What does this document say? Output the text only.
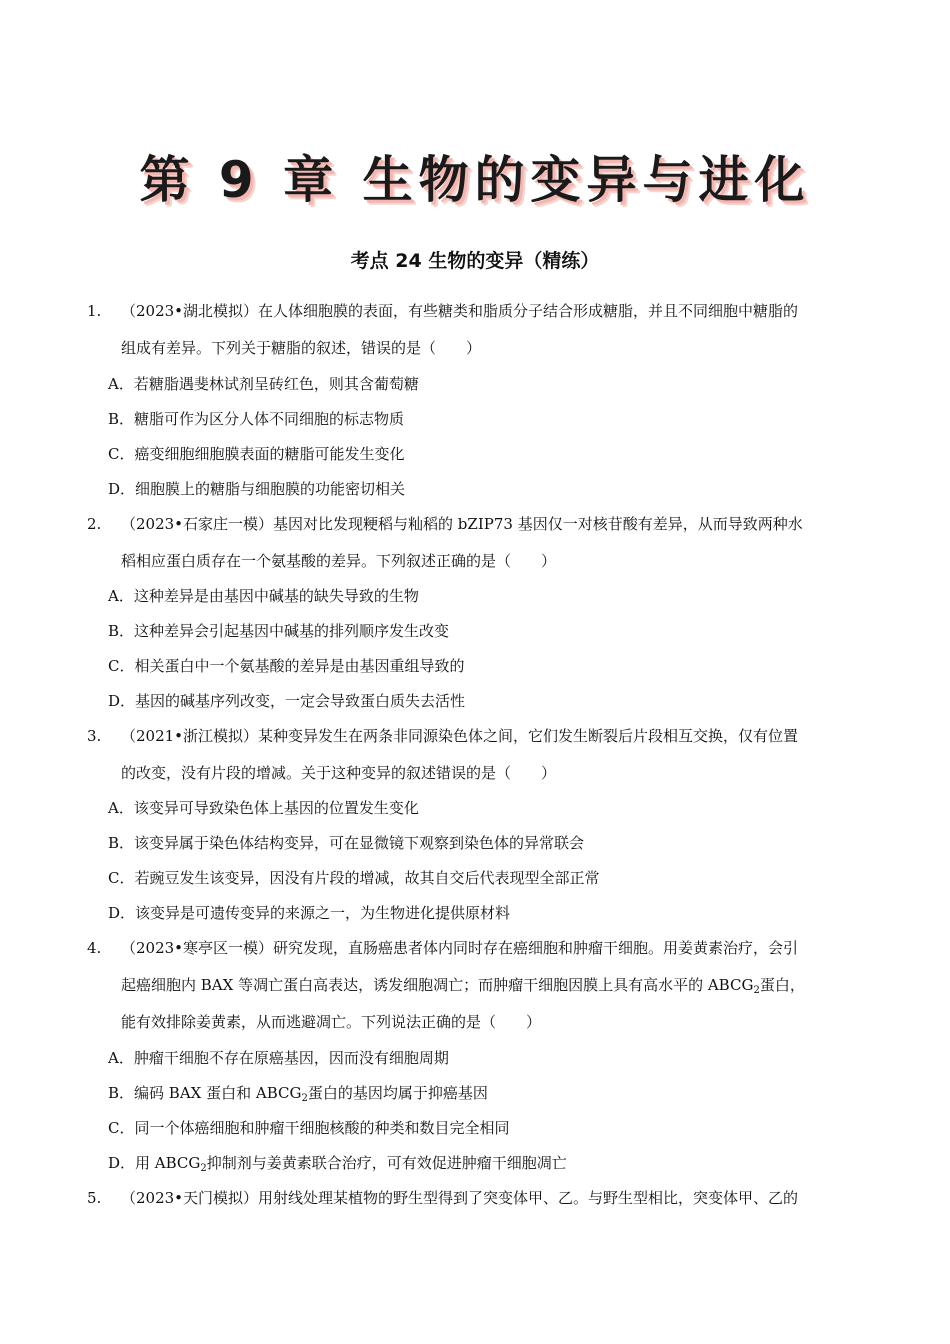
第 9 章 生物的变异与进化
考点 24 生物的变异（精练）
1. （2023•湖北模拟）在人体细胞膜的表面，有些糖类和脂质分子结合形成糖脂，并且不同细胞中糖脂的
组成有差异。下列关于糖脂的叙述，错误的是（　　）
A．若糖脂遇斐林试剂呈砖红色，则其含葡萄糖
B．糖脂可作为区分人体不同细胞的标志物质
C．癌变细胞细胞膜表面的糖脂可能发生变化
D．细胞膜上的糖脂与细胞膜的功能密切相关
2. （2023•石家庄一模）基因对比发现粳稻与籼稻的 bZIP73 基因仅一对核苷酸有差异，从而导致两种水
稻相应蛋白质存在一个氨基酸的差异。下列叙述正确的是（　　）
A．这种差异是由基因中碱基的缺失导致的生物
B．这种差异会引起基因中碱基的排列顺序发生改变
C．相关蛋白中一个氨基酸的差异是由基因重组导致的
D．基因的碱基序列改变，一定会导致蛋白质失去活性
3. （2021•浙江模拟）某种变异发生在两条非同源染色体之间，它们发生断裂后片段相互交换，仅有位置
的改变，没有片段的增减。关于这种变异的叙述错误的是（　　）
A．该变异可导致染色体上基因的位置发生变化
B．该变异属于染色体结构变异，可在显微镜下观察到染色体的异常联会
C．若豌豆发生该变异，因没有片段的增减，故其自交后代表现型全部正常
D．该变异是可遗传变异的来源之一，为生物进化提供原材料
4. （2023•寒亭区一模）研究发现，直肠癌患者体内同时存在癌细胞和肿瘤干细胞。用姜黄素治疗，会引
起癌细胞内 BAX 等凋亡蛋白高表达，诱发细胞凋亡；而肿瘤干细胞因膜上具有高水平的 $ABCG_2$蛋白，
能有效排除姜黄素，从而逃避凋亡。下列说法正确的是（　　）
A．肿瘤干细胞不存在原癌基因，因而没有细胞周期
B．编码 BAX 蛋白和 $ABCG_2$蛋白的基因均属于抑癌基因
C．同一个体癌细胞和肿瘤干细胞核酸的种类和数目完全相同
D．用 $ABCG_2$抑制剂与姜黄素联合治疗，可有效促进肿瘤干细胞凋亡
5. （2023•天门模拟）用射线处理某植物的野生型得到了突变体甲、乙。与野生型相比，突变体甲、乙的
